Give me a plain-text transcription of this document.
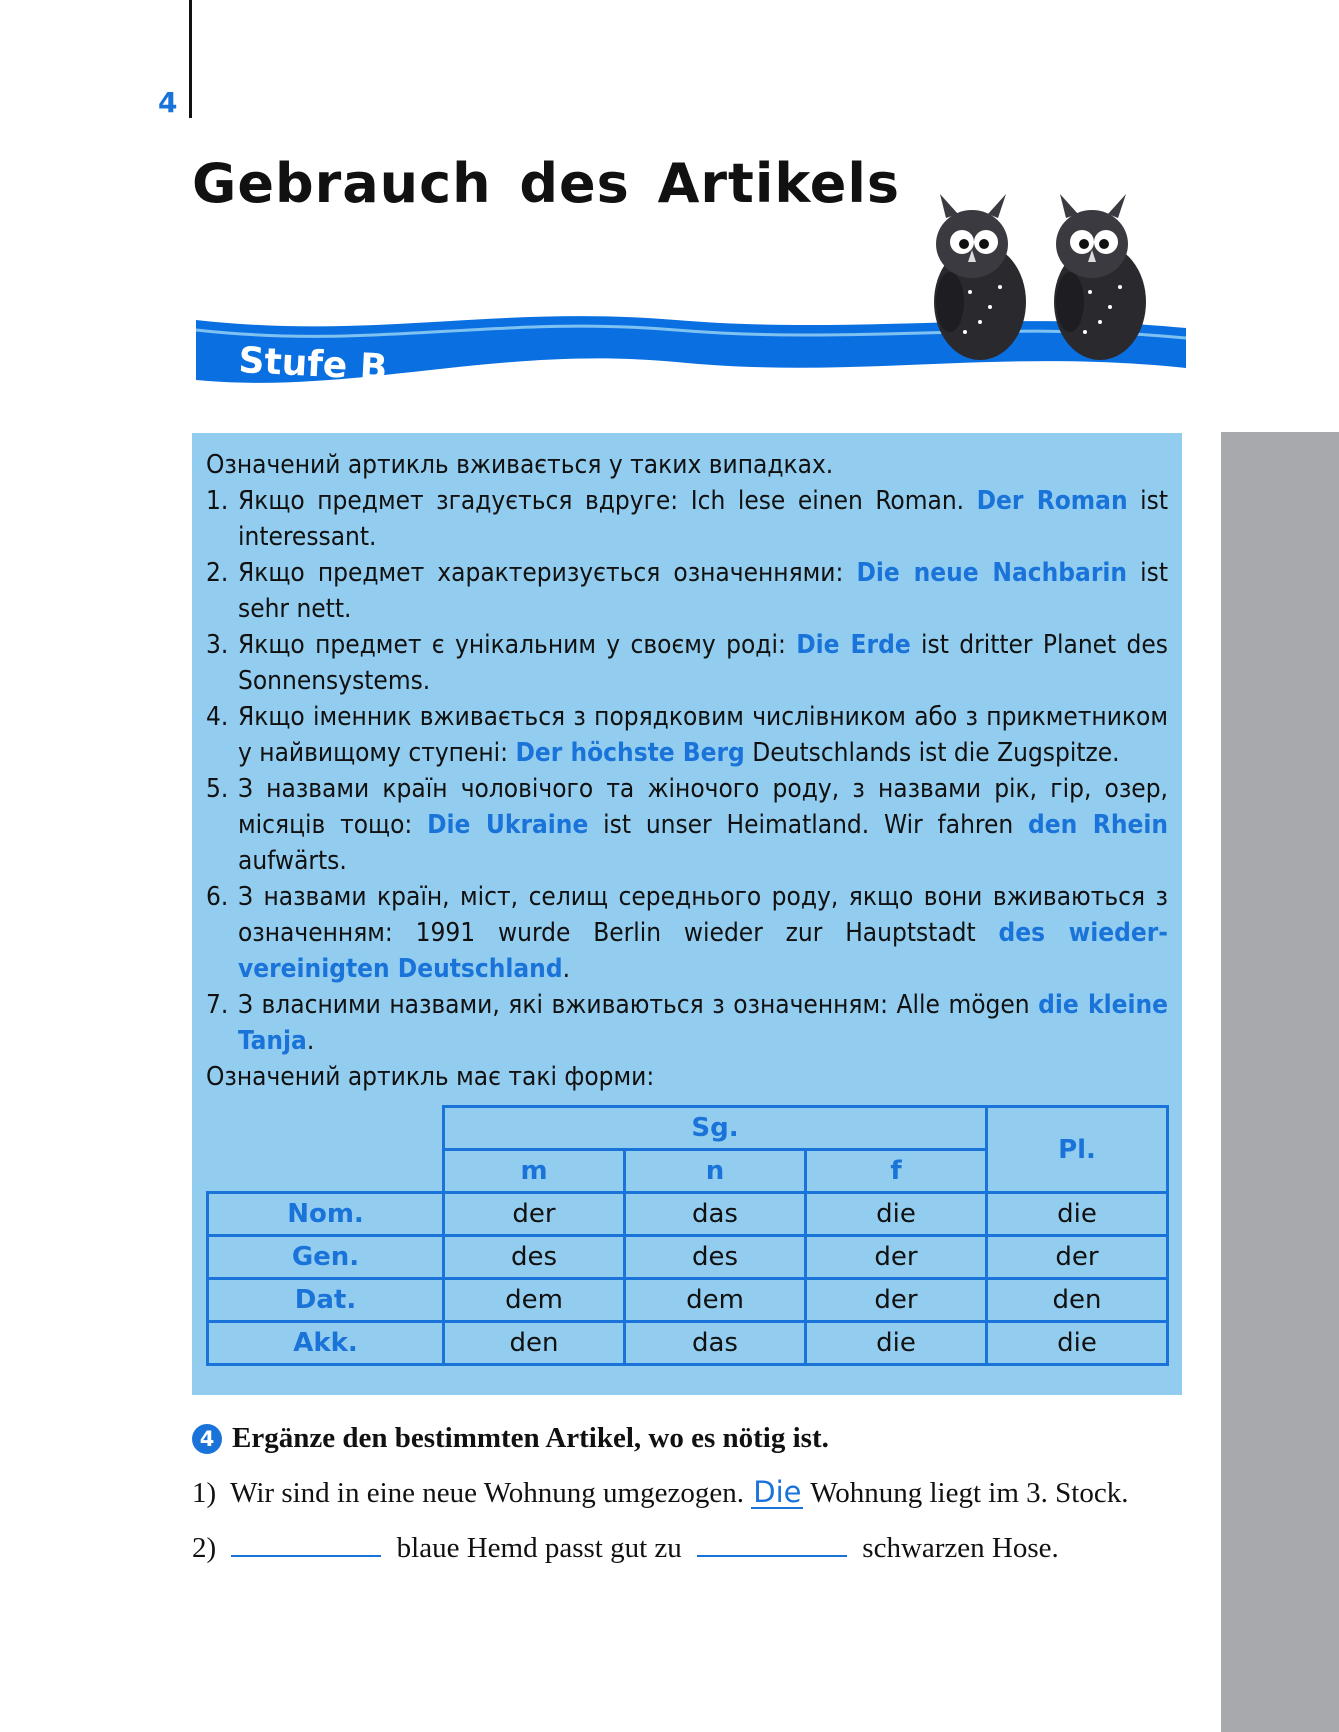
4
Gebrauch des Artikels
Stufe B

Означений артикль вживається у таких випадках.

1. Якщо предмет згадується вдруге: Ich lese einen Roman. Der Roman ist interessant.
2. Якщо предмет характеризується означеннями: Die neue Nachbarin ist sehr nett.
3. Якщо предмет є унікальним у своєму роді: Die Erde ist dritter Planet des Sonnensystems.
4. Якщо іменник вживається з порядковим числівником або з прикметником у найвищому ступені: Der höchste Berg Deutschlands ist die Zugspitze.
5. З назвами країн чоловічого та жіночого роду, з назвами рік, гір, озер, місяців тощо: Die Ukraine ist unser Heimatland. Wir fahren den Rhein aufwärts.
6. З назвами країн, міст, селищ середнього роду, якщо вони вживаються з означенням: 1991 wurde Berlin wieder zur Hauptstadt des wiedervereinigten Deutschland.
7. З власними назвами, які вживаються з означенням: Alle mögen die kleine Tanja.

Означений артикль має такі форми:

	Sg.			Pl.
	m	n	f	
Nom.	der	das	die	die
Gen.	des	des	der	der
Dat.	dem	dem	der	den
Akk.	den	das	die	die
4 Ergänze den bestimmten Artikel, wo es nötig ist.
1) Wir sind in eine neue Wohnung umgezogen. Die Wohnung liegt im 3. Stock.
2)	blaue Hemd passt gut zu	schwarzen Hose.
